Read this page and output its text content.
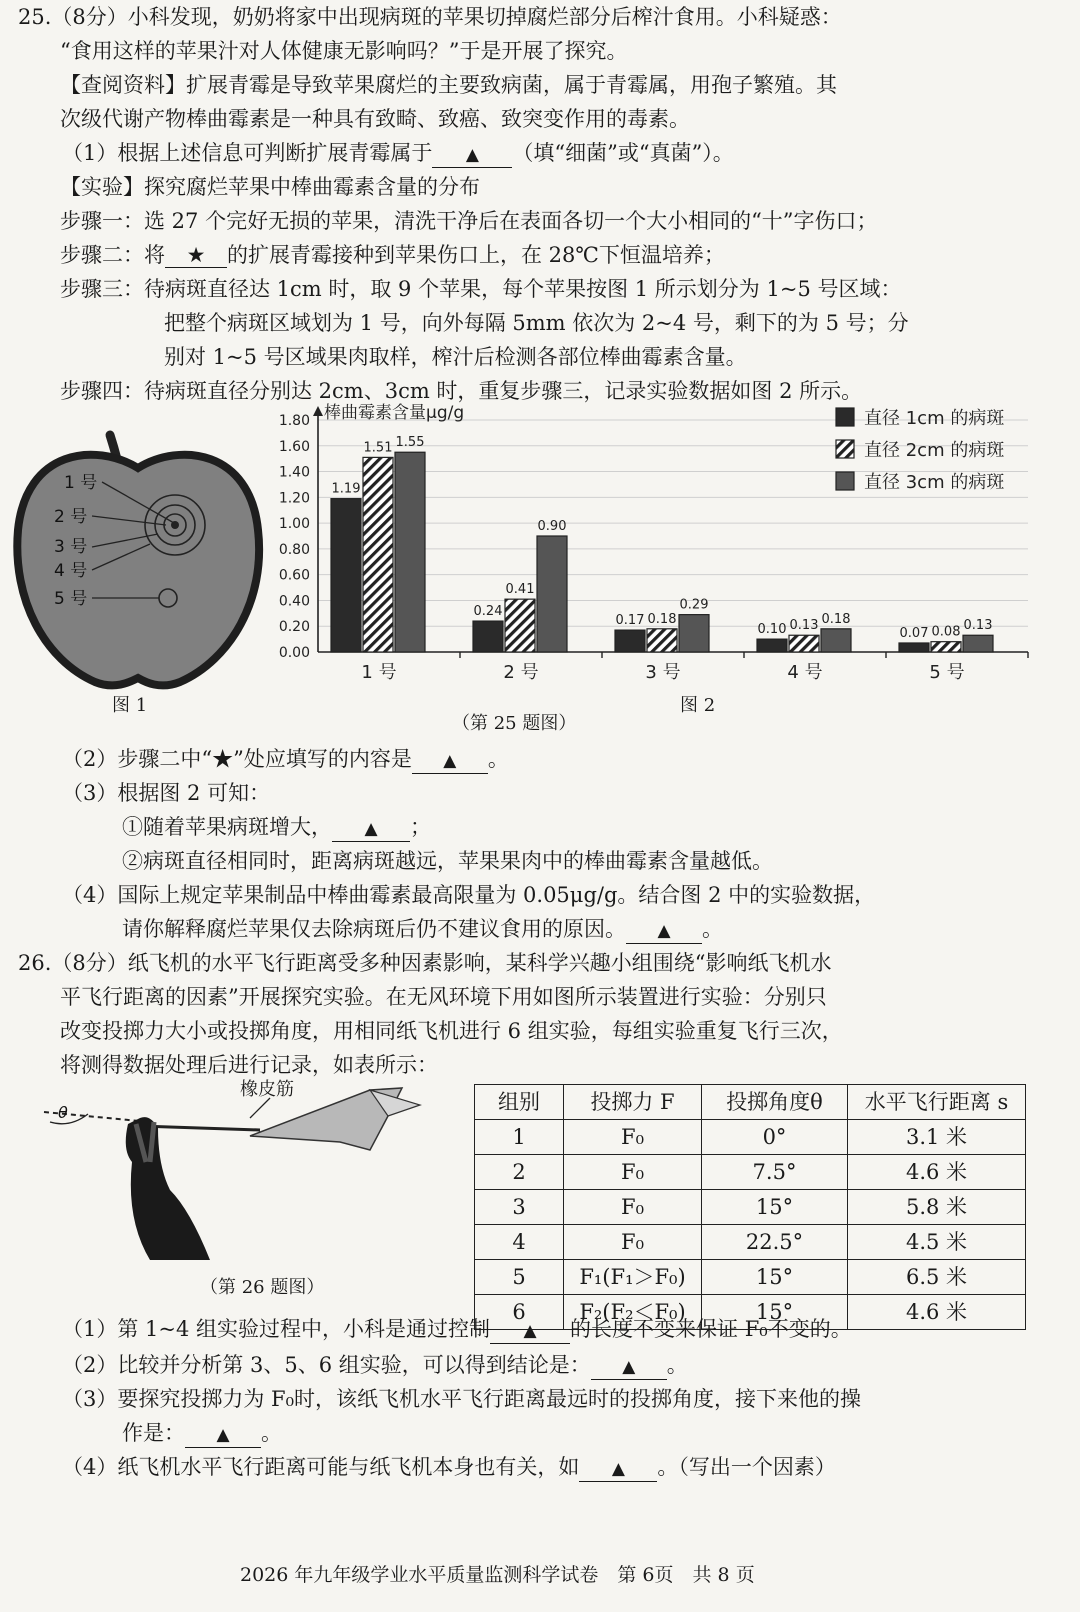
25.（8分）小科发现，奶奶将家中出现病斑的苹果切掉腐烂部分后榨汁食用。小科疑惑：
“食用这样的苹果汁对人体健康无影响吗？”于是开展了探究。
【查阅资料】扩展青霉是导致苹果腐烂的主要致病菌，属于青霉属，用孢子繁殖。其
次级代谢产物棒曲霉素是一种具有致畸、致癌、致突变作用的毒素。
（1）根据上述信息可判断扩展青霉属于 ▲ （填“细菌”或“真菌”）。
【实验】探究腐烂苹果中棒曲霉素含量的分布
步骤一：选 27 个完好无损的苹果，清洗干净后在表面各切一个大小相同的“十”字伤口；
步骤二：将 ★ 的扩展青霉接种到苹果伤口上，在 28℃下恒温培养；
步骤三：待病斑直径达 1cm 时，取 9 个苹果，每个苹果按图 1 所示划分为 1~5 号区域：
把整个病斑区域划为 1 号，向外每隔 5mm 依次为 2~4 号，剩下的为 5 号；分
别对 1~5 号区域果肉取样，榨汁后检测各部位棒曲霉素含量。
步骤四：待病斑直径分别达 2cm、3cm 时，重复步骤三，记录实验数据如图 2 所示。
1 号
2 号
3 号
4 号
5 号
图 1
0.00
0.20
0.40
0.60
0.80
1.00
1.20
1.40
1.60
1.80 棒曲霉素含量μg/g
1.19
1.51 1.55
1 号
0.24
0.41
0.90
2 号
0.17 0.18
0.29
3 号
0.10 0.13 0.18
4 号
0.07 0.08 0.13
5 号
直径 1cm 的病斑
直径 2cm 的病斑
直径 3cm 的病斑
图 2
（第 25 题图）
（2）步骤二中“★”处应填写的内容是 ▲ 。
（3）根据图 2 可知：
①随着苹果病斑增大， ▲ ；
②病斑直径相同时，距离病斑越远，苹果果肉中的棒曲霉素含量越低。
（4）国际上规定苹果制品中棒曲霉素最高限量为 0.05μg/g。结合图 2 中的实验数据，
请你解释腐烂苹果仅去除病斑后仍不建议食用的原因。 ▲ 。
26.（8分）纸飞机的水平飞行距离受多种因素影响，某科学兴趣小组围绕“影响纸飞机水
平飞行距离的因素”开展探究实验。在无风环境下用如图所示装置进行实验：分别只
改变投掷力大小或投掷角度，用相同纸飞机进行 6 组实验，每组实验重复飞行三次，
将测得数据处理后进行记录，如表所示：
θ
橡皮筋
（第 26 题图）
组别	投掷力 F	投掷角度θ	水平飞行距离 s
1	F₀	0°	3.1 米
2	F₀	7.5°	4.6 米
3	F₀	15°	5.8 米
4	F₀	22.5°	4.5 米
5	F₁(F₁＞F₀)	15°	6.5 米
6	F₂(F₂＜F₀)	15°	4.6 米
（1）第 1~4 组实验过程中，小科是通过控制 ▲ 的长度不变来保证 F₀不变的。
（2）比较并分析第 3、5、6 组实验，可以得到结论是： ▲ 。
（3）要探究投掷力为 F₀时，该纸飞机水平飞行距离最远时的投掷角度，接下来他的操
作是： ▲ 。
（4）纸飞机水平飞行距离可能与纸飞机本身也有关，如 ▲ 。（写出一个因素）
2026 年九年级学业水平质量监测科学试卷　第 6页　共 8 页
